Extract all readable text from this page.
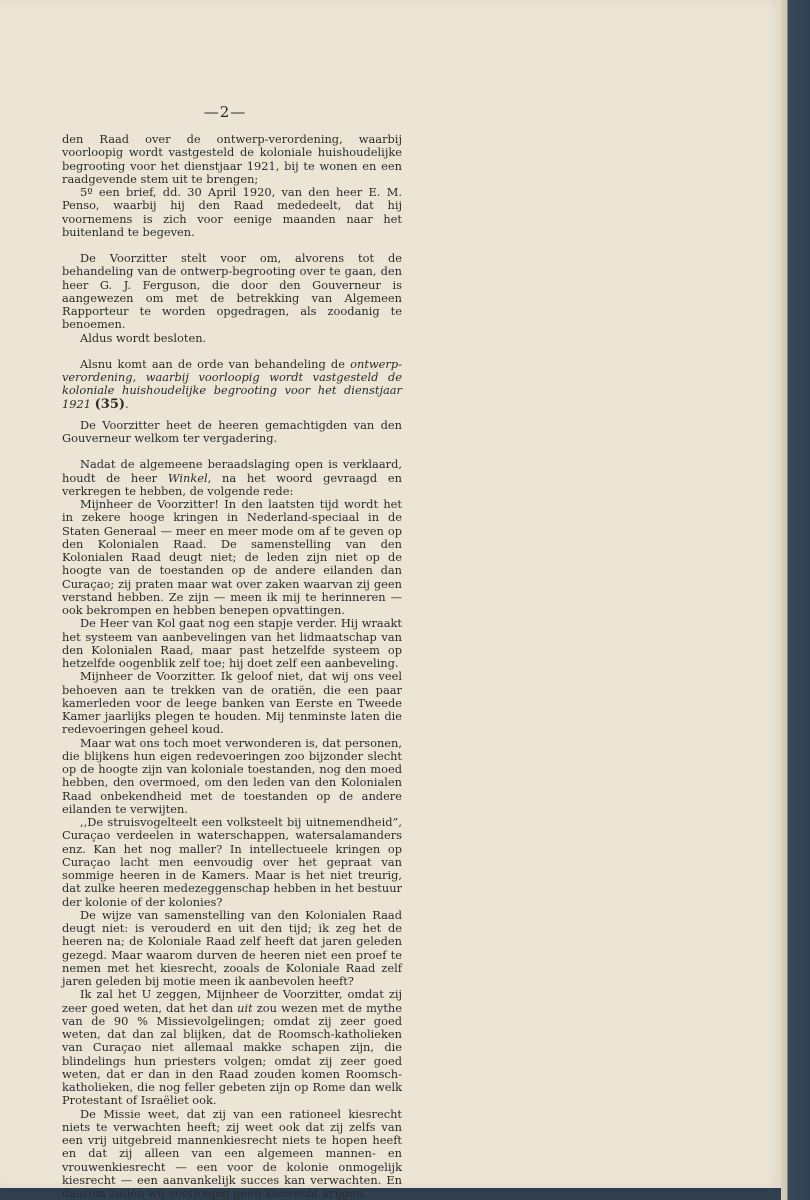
—2—

den Raad over de ontwerp-verordening, waarbij voorloopig wordt vastgesteld de koloniale huishoudelijke begrooting voor het dienstjaar 1921, bij te wonen en een raadgevende stem uit te brengen;

5º een brief, dd. 30 April 1920, van den heer E. M. Penso, waarbij hij den Raad mededeelt, dat hij voornemens is zich voor eenige maanden naar het buitenland te begeven.

De Voorzitter stelt voor om, alvorens tot de behandeling van de ontwerp-begrooting over te gaan, den heer G. J. Ferguson, die door den Gouverneur is aangewezen om met de betrekking van Algemeen Rapporteur te worden opgedragen, als zoodanig te benoemen.

Aldus wordt besloten.

Alsnu komt aan de orde van behandeling de ontwerp-verordening, waarbij voorloopig wordt vastgesteld de koloniale huishoudelijke begrooting voor het dienstjaar 1921 (35).

De Voorzitter heet de heeren gemachtigden van den Gouverneur welkom ter vergadering.

Nadat de algemeene beraadslaging open is verklaard, houdt de heer Winkel, na het woord gevraagd en verkregen te hebben, de volgende rede:

Mijnheer de Voorzitter! In den laatsten tijd wordt het in zekere hooge kringen in Nederland-speciaal in de Staten Generaal — meer en meer mode om af te geven op den Kolonialen Raad. De samenstelling van den Kolonialen Raad deugt niet; de leden zijn niet op de hoogte van de toestanden op de andere eilanden dan Curaçao; zij praten maar wat over zaken waarvan zij geen verstand hebben. Ze zijn — meen ik mij te herinneren — ook bekrompen en hebben benepen opvattingen.

De Heer van Kol gaat nog een stapje verder. Hij wraakt het systeem van aanbevelingen van het lidmaatschap van den Kolonialen Raad, maar past hetzelfde systeem op hetzelfde oogenblik zelf toe; hij doet zelf een aanbeveling.

Mijnheer de Voorzitter. Ik geloof niet, dat wij ons veel behoeven aan te trekken van de oratiën, die een paar kamerleden voor de leege banken van Eerste en Tweede Kamer jaarlijks plegen te houden. Mij tenminste laten die redevoeringen geheel koud.

Maar wat ons toch moet verwonderen is, dat personen, die blijkens hun eigen redevoeringen zoo bijzonder slecht op de hoogte zijn van koloniale toestanden, nog den moed hebben, den overmoed, om den leden van den Kolonialen Raad onbekendheid met de toestanden op de andere eilanden te verwijten.

,,De struisvogelteelt een volksteelt bij uitnemendheid”, Curaçao verdeelen in waterschappen, watersalamanders enz. Kan het nog maller? In intellectueele kringen op Curaçao lacht men eenvoudig over het gepraat van sommige heeren in de Kamers. Maar is het niet treurig, dat zulke heeren medezeggenschap hebben in het bestuur der kolonie of der kolonies?

De wijze van samenstelling van den Kolonialen Raad deugt niet: is verouderd en uit den tijd; ik zeg het de heeren na; de Koloniale Raad zelf heeft dat jaren geleden gezegd. Maar waarom durven de heeren niet een proef te nemen met het kiesrecht, zooals de Koloniale Raad zelf jaren geleden bij motie meen ik aanbevolen heeft?

Ik zal het U zeggen, Mijnheer de Voorzitter, omdat zij zeer goed weten, dat het dan uit zou wezen met de mythe van de 90 % Missievolgelingen; omdat zij zeer goed weten, dat dan zal blijken, dat de Roomsch-katholieken van Curaçao niet allemaal makke schapen zijn, die blindelings hun priesters volgen; omdat zij zeer goed weten, dat er dan in den Raad zouden komen Roomsch-katholieken, die nog feller gebeten zijn op Rome dan welk Protestant of Israëliet ook.

De Missie weet, dat zij van een rationeel kiesrecht niets te verwachten heeft; zij weet ook dat zij zelfs van een vrij uitgebreid mannenkiesrecht niets te hopen heeft en dat zij alleen van een algemeen mannen- en vrouwenkiesrecht — een voor de kolonie onmogelijk kiesrecht — een aanvankelijk succes kan verwachten. En daarom zullen wij voorloopig geen kiesrecht krijgen.
